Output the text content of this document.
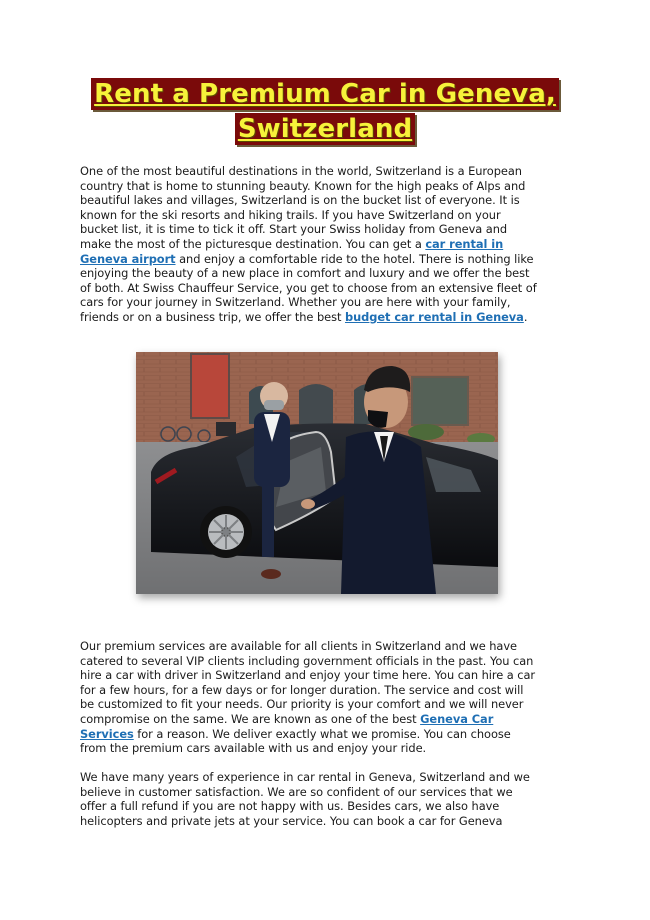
Rent a Premium Car in Geneva,
Switzerland
One of the most beautiful destinations in the world, Switzerland is a European
country that is home to stunning beauty. Known for the high peaks of Alps and
beautiful lakes and villages, Switzerland is on the bucket list of everyone. It is
known for the ski resorts and hiking trails. If you have Switzerland on your
bucket list, it is time to tick it off. Start your Swiss holiday from Geneva and
make the most of the picturesque destination. You can get a car rental in
Geneva airport and enjoy a comfortable ride to the hotel. There is nothing like
enjoying the beauty of a new place in comfort and luxury and we offer the best
of both. At Swiss Chauffeur Service, you get to choose from an extensive fleet of
cars for your journey in Switzerland. Whether you are here with your family,
friends or on a business trip, we offer the best budget car rental in Geneva.
Our premium services are available for all clients in Switzerland and we have
catered to several VIP clients including government officials in the past. You can
hire a car with driver in Switzerland and enjoy your time here. You can hire a car
for a few hours, for a few days or for longer duration. The service and cost will
be customized to fit your needs. Our priority is your comfort and we will never
compromise on the same. We are known as one of the best Geneva Car
Services for a reason. We deliver exactly what we promise. You can choose
from the premium cars available with us and enjoy your ride.
We have many years of experience in car rental in Geneva, Switzerland and we
believe in customer satisfaction. We are so confident of our services that we
offer a full refund if you are not happy with us. Besides cars, we also have
helicopters and private jets at your service. You can book a car for Geneva
